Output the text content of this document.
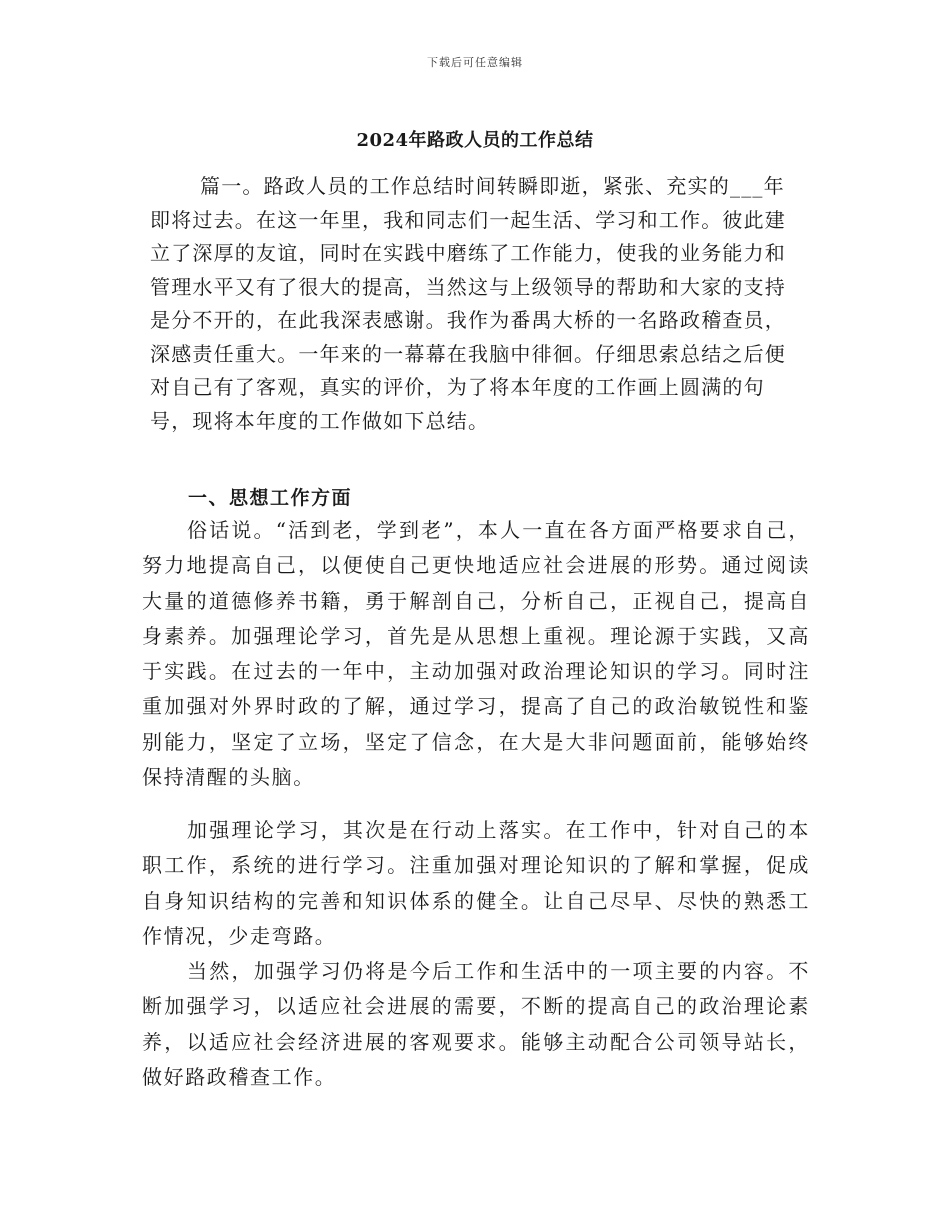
下载后可任意编辑
2024年路政人员的工作总结

篇一。路政人员的工作总结时间转瞬即逝，紧张、充实的___年即将过去。在这一年里，我和同志们一起生活、学习和工作。彼此建立了深厚的友谊，同时在实践中磨练了工作能力，使我的业务能力和管理水平又有了很大的提高，当然这与上级领导的帮助和大家的支持是分不开的，在此我深表感谢。我作为番禺大桥的一名路政稽查员，深感责任重大。一年来的一幕幕在我脑中徘徊。仔细思索总结之后便对自己有了客观，真实的评价，为了将本年度的工作画上圆满的句号，现将本年度的工作做如下总结。

一、思想工作方面

俗话说。“活到老，学到老”，本人一直在各方面严格要求自己，努力地提高自己，以便使自己更快地适应社会进展的形势。通过阅读大量的道德修养书籍，勇于解剖自己，分析自己，正视自己，提高自身素养。加强理论学习，首先是从思想上重视。理论源于实践，又高于实践。在过去的一年中，主动加强对政治理论知识的学习。同时注重加强对外界时政的了解，通过学习，提高了自己的政治敏锐性和鉴别能力，坚定了立场，坚定了信念，在大是大非问题面前，能够始终保持清醒的头脑。

加强理论学习，其次是在行动上落实。在工作中，针对自己的本职工作，系统的进行学习。注重加强对理论知识的了解和掌握，促成自身知识结构的完善和知识体系的健全。让自己尽早、尽快的熟悉工作情况，少走弯路。

当然，加强学习仍将是今后工作和生活中的一项主要的内容。不断加强学习，以适应社会进展的需要，不断的提高自己的政治理论素养，以适应社会经济进展的客观要求。能够主动配合公司领导站长，做好路政稽查工作。
